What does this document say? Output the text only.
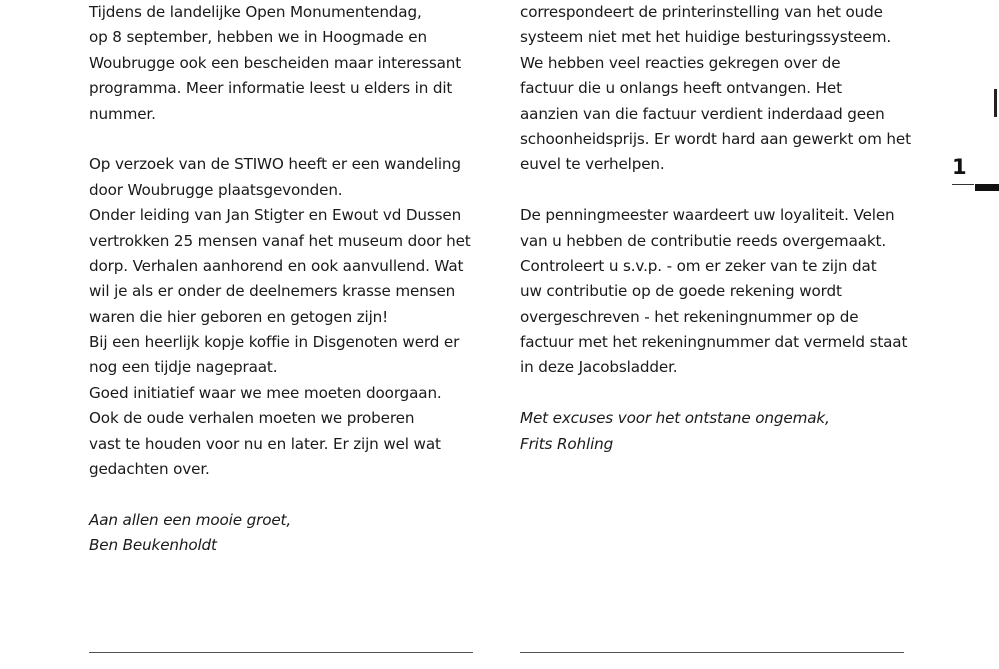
Tijdens de landelijke Open Monumentendag,
op 8 september, hebben we in Hoogmade en
Woubrugge ook een bescheiden maar interessant
programma. Meer informatie leest u elders in dit
nummer.
Op verzoek van de STIWO heeft er een wandeling
door Woubrugge plaatsgevonden.
Onder leiding van Jan Stigter en Ewout vd Dussen
vertrokken 25 mensen vanaf het museum door het
dorp. Verhalen aanhorend en ook aanvullend. Wat
wil je als er onder de deelnemers krasse mensen
waren die hier geboren en getogen zijn!
Bij een heerlijk kopje koffie in Disgenoten werd er
nog een tijdje nagepraat.
Goed initiatief waar we mee moeten doorgaan.
Ook de oude verhalen moeten we proberen
vast te houden voor nu en later. Er zijn wel wat
gedachten over.
Aan allen een mooie groet,
Ben Beukenholdt
correspondeert de printerinstelling van het oude
systeem niet met het huidige besturingssysteem.
We hebben veel reacties gekregen over de
factuur die u onlangs heeft ontvangen. Het
aanzien van die factuur verdient inderdaad geen
schoonheidsprijs. Er wordt hard aan gewerkt om het
euvel te verhelpen.
De penningmeester waardeert uw loyaliteit. Velen
van u hebben de contributie reeds overgemaakt.
Controleert u s.v.p. - om er zeker van te zijn dat
uw contributie op de goede rekening wordt
overgeschreven - het rekeningnummer op de
factuur met het rekeningnummer dat vermeld staat
in deze Jacobsladder.
Met excuses voor het ontstane ongemak,
Frits Rohling
1
